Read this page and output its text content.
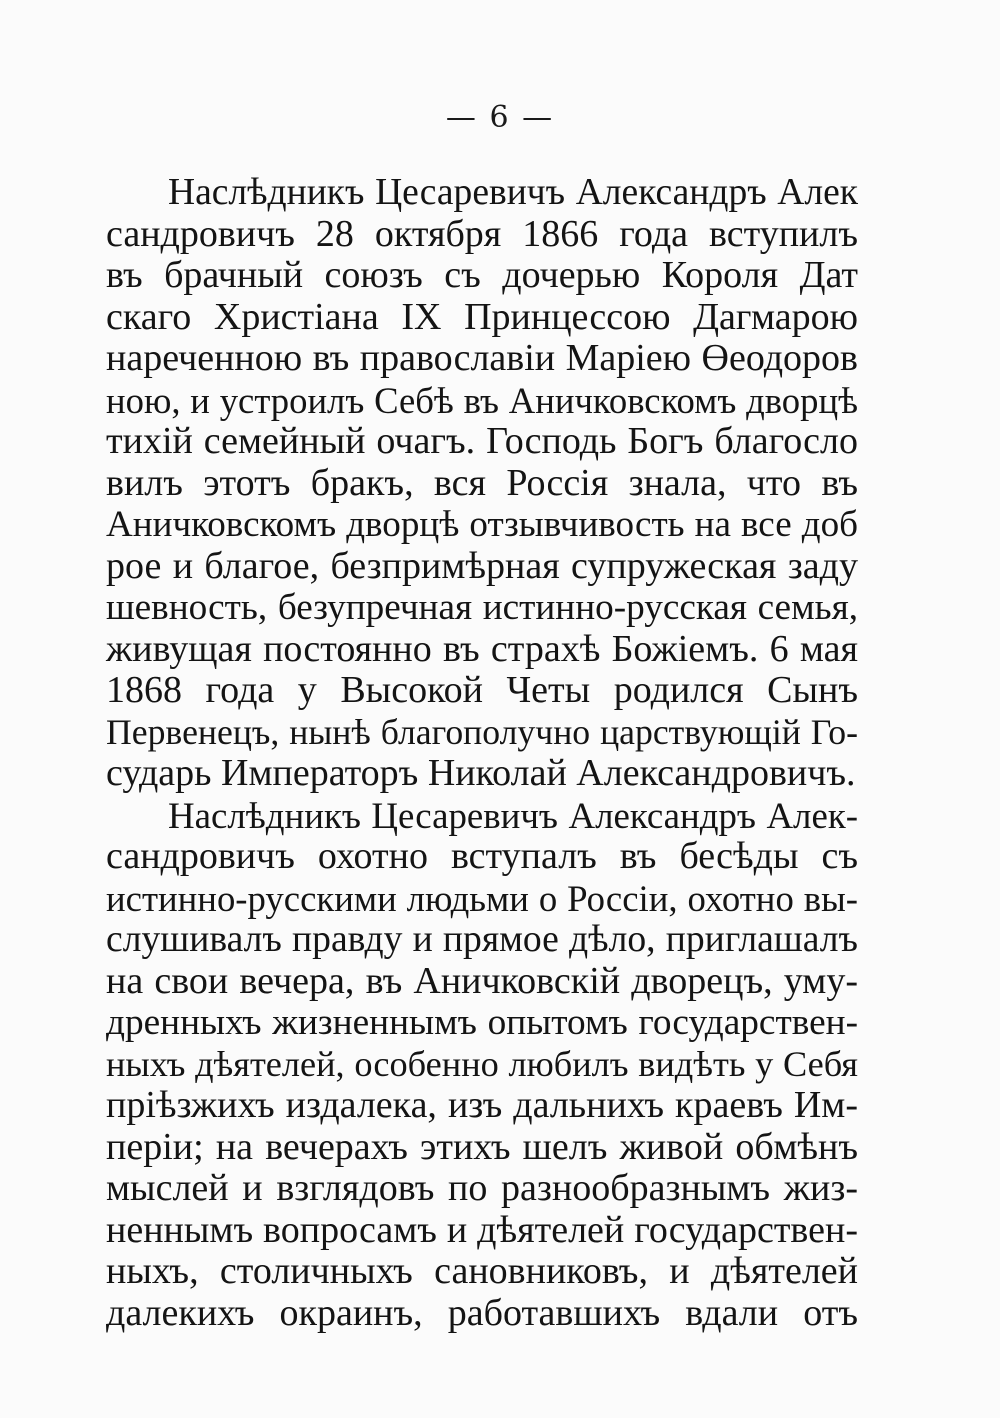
— 6 —
Наслѣдникъ Цесаревичъ Александръ Алек
сандровичъ 28 октября 1866 года вступилъ
въ брачный союзъ съ дочерью Короля Дат
скаго Христіана IX Принцессою Дагмарою
нареченною въ православіи Маріею Өеодоров
ною, и устроилъ Себѣ въ Аничковскомъ дворцѣ
тихій семейный очагъ. Господь Богъ благосло
вилъ этотъ бракъ, вся Россія знала, что въ
Аничковскомъ дворцѣ отзывчивость на все доб
рое и благое, безпримѣрная супружеская заду
шевность, безупречная истинно-русская семья,
живущая постоянно въ страхѣ Божіемъ. 6 мая
1868 года у Высокой Четы родился Сынъ
Первенецъ, нынѣ благополучно царствующій Го-
сударь Императоръ Николай Александровичъ.
Наслѣдникъ Цесаревичъ Александръ Алек-
сандровичъ охотно вступалъ въ бесѣды съ
истинно-русскими людьми о Россіи, охотно вы-
слушивалъ правду и прямое дѣло, приглашалъ
на свои вечера, въ Аничковскій дворецъ, уму-
дренныхъ жизненнымъ опытомъ государствен-
ныхъ дѣятелей, особенно любилъ видѣть у Себя
пріѣзжихъ издалека, изъ дальнихъ краевъ Им-
періи; на вечерахъ этихъ шелъ живой обмѣнъ
мыслей и взглядовъ по разнообразнымъ жиз-
неннымъ вопросамъ и дѣятелей государствен-
ныхъ, столичныхъ сановниковъ, и дѣятелей
далекихъ окраинъ, работавшихъ вдали отъ
